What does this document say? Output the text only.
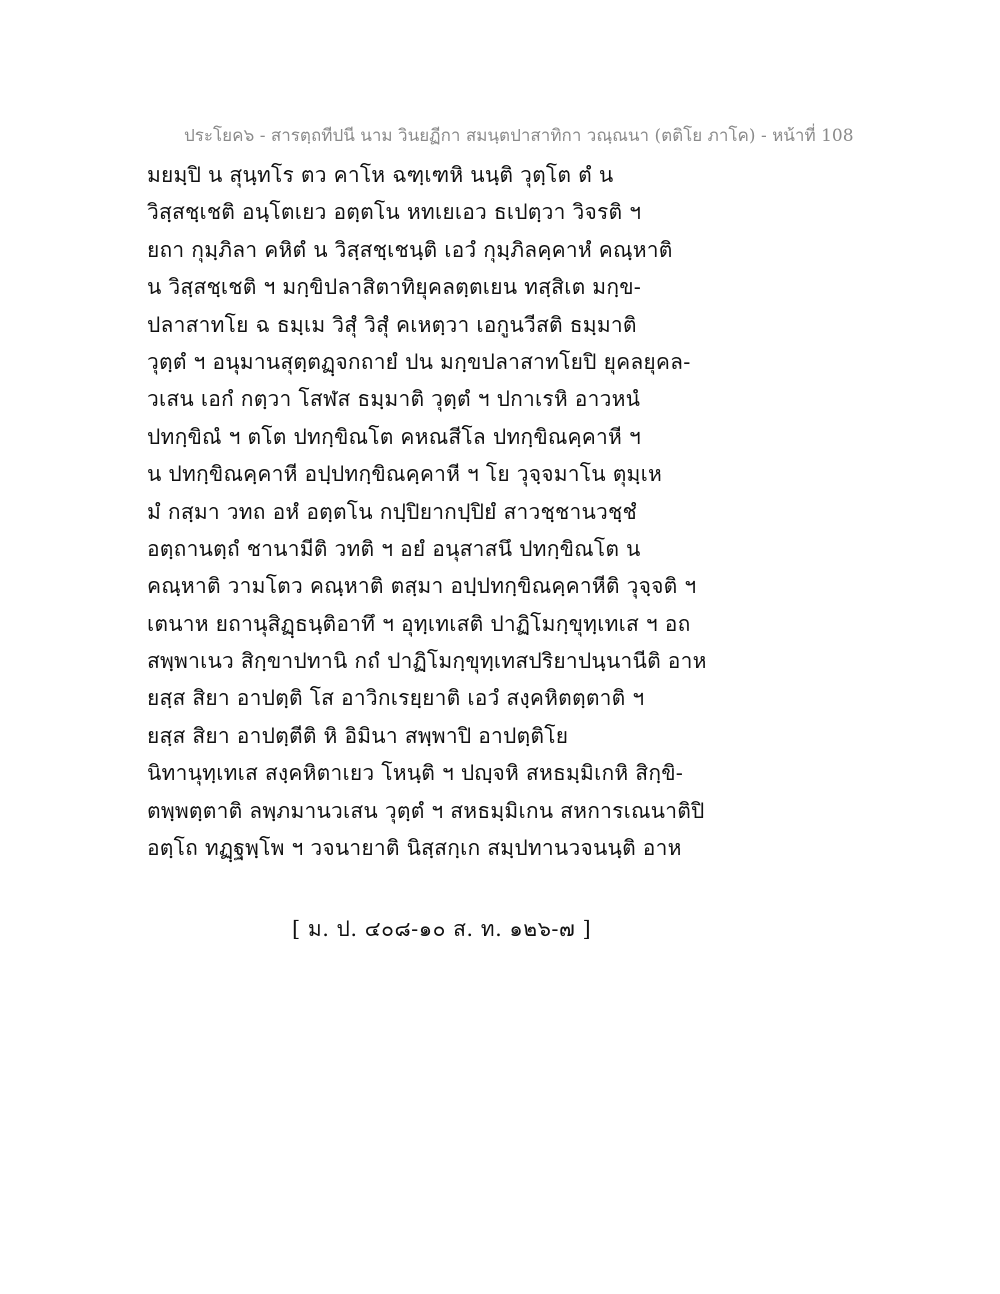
ประโยค๖ - สารตฺถทีปนี นาม วินยฏีกา สมนฺตปาสาทิกา วณฺณนา (ตติโย ภาโค) - หน้าที่ 108
มยมฺปิ น สุนฺทโร ตว คาโห ฉฑฺเฑหิ นนฺติ วุตฺโต ตํ น
วิสฺสชฺเชติ อนฺโตเยว อตฺตโน หทเยเอว ธเปตฺวา วิจรติ ฯ
ยถา กุมฺภิลา คหิตํ น วิสฺสชฺเชนฺติ เอวํ กุมฺภิลคฺคาหํ คณฺหาติ
น วิสฺสชฺเชติ ฯ มกฺขิปลาสิตาทิยุคลตฺตเยน ทสฺสิเต มกฺข-
ปลาสาทโย ฉ ธมฺเม วิสุํ วิสุํ คเหตฺวา เอกูนวีสติ ธมฺมาติ
วุตฺตํ ฯ อนุมานสุตฺตฏฺจกถายํ ปน มกฺขปลาสาทโยปิ ยุคลยุคล-
วเสน เอกํ กตฺวา โสฬส ธมฺมาติ วุตฺตํ ฯ ปกาเรหิ อาวหนํ
ปทกฺขิณํ ฯ ตโต ปทกฺขิณโต คหณสีโล ปทกฺขิณคฺคาหี ฯ
น ปทกฺขิณคฺคาหี อปฺปทกฺขิณคฺคาหี ฯ โย วุจฺจมาโน ตุมฺเห
มํ กสฺมา วทถ อหํ อตฺตโน กปฺปิยากปฺปิยํ สาวชฺชานวชฺชํ
อตฺถานตฺถํ ชานามีติ วทติ ฯ อยํ อนุสาสนึ ปทกฺขิณโต น
คณฺหาติ วามโตว คณฺหาติ ตสฺมา อปฺปทกฺขิณคฺคาหีติ วุจฺจติ ฯ
เตนาห ยถานุสิฏฺธนฺติอาทึ ฯ อุทฺเทเสติ ปาฏิโมกฺขุทฺเทเส ฯ อถ
สพฺพาเนว สิกฺขาปทานิ กถํ ปาฏิโมกฺขุทฺเทสปริยาปนฺนานีติ อาห
ยสฺส สิยา อาปตฺติ โส อาวิกเรยฺยาติ เอวํ สงฺคหิตตฺตาติ ฯ
ยสฺส สิยา อาปตฺตีติ หิ อิมินา สพฺพาปิ อาปตฺติโย
นิทานุทฺเทเส สงฺคหิตาเยว โหนฺติ ฯ ปญฺจหิ สหธมฺมิเกหิ สิกฺขิ-
ตพฺพตฺตาติ ลพฺภมานวเสน วุตฺตํ ฯ สหธมฺมิเกน สหการเณนาติปิ
อตฺโถ ทฏฺฐพฺโพ ฯ วจนายาติ นิสฺสกฺเก สมฺปทานวจนนฺติ อาห
[ ม. ป. ๔๐๘-๑๐ ส. ท. ๑๒๖-๗ ]
